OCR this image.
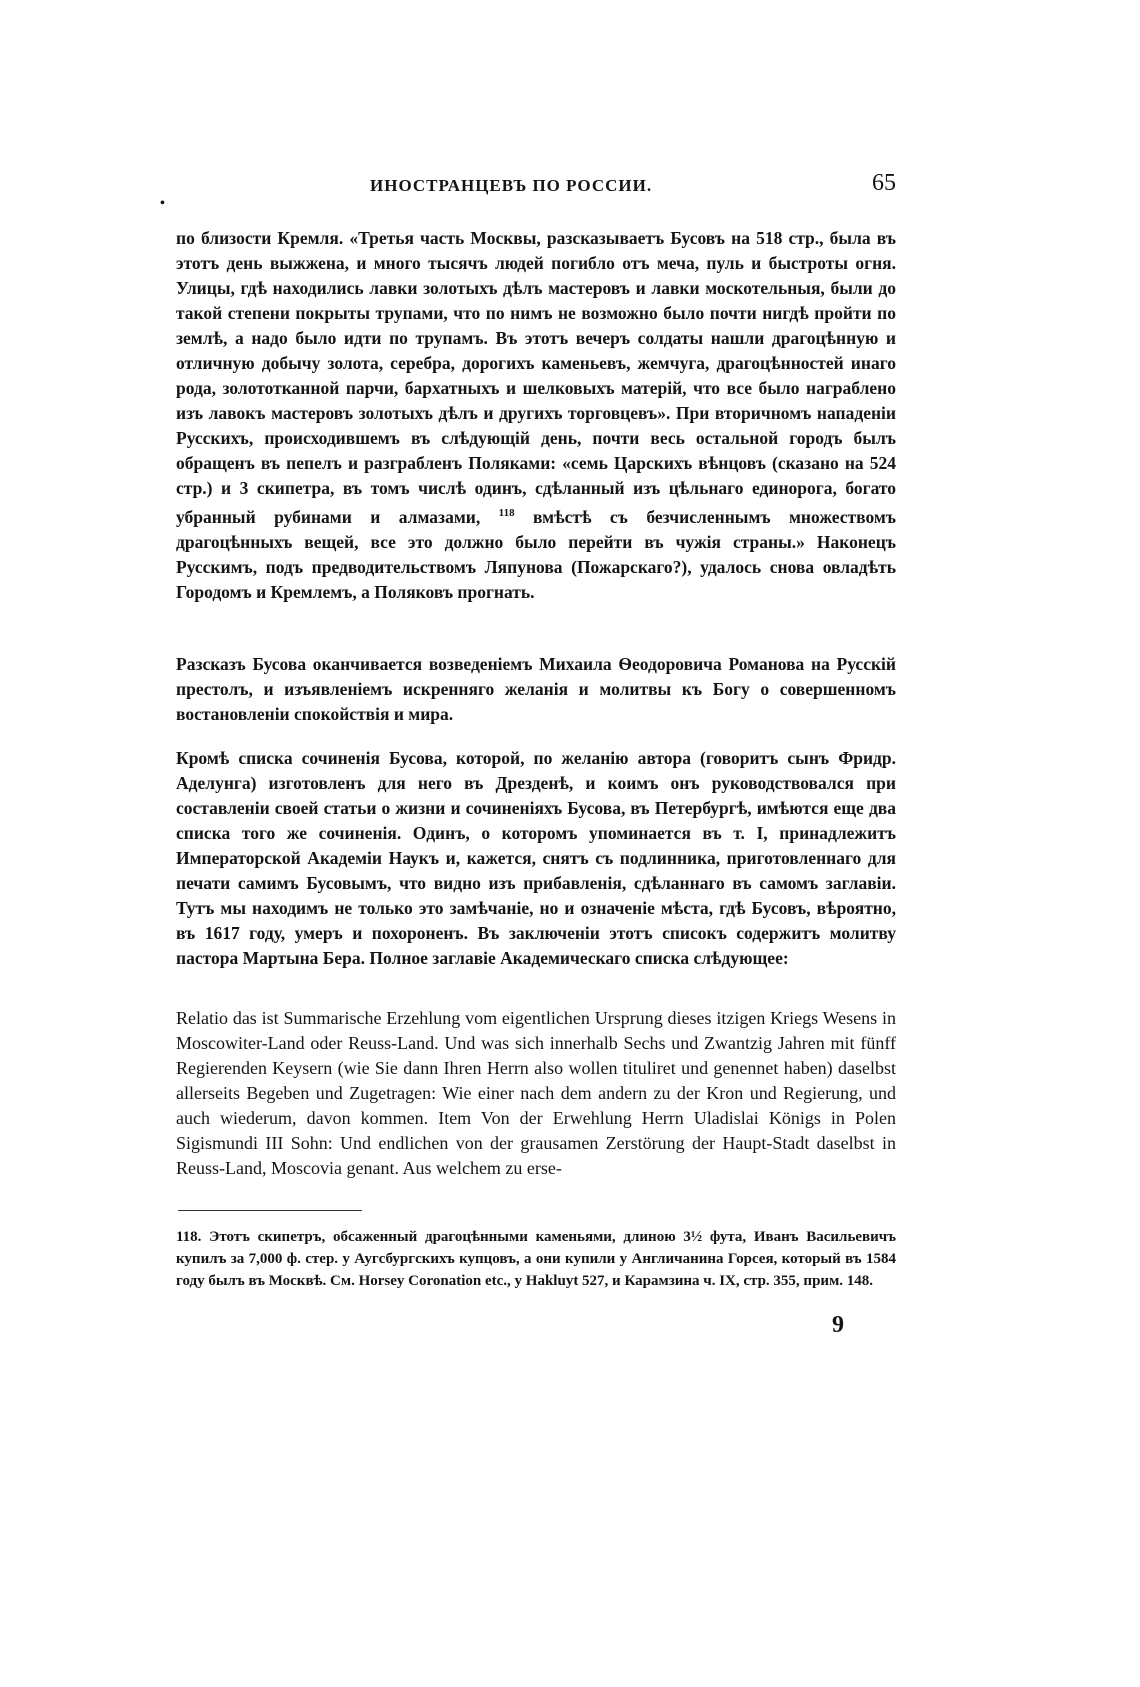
•
ИНОСТРАНЦЕВЪ ПО РОССИИ.	65

по близости Кремля. «Третья часть Москвы, разсказываетъ Бусовъ на 518 стр., была въ этотъ день выжжена, и много тысячъ людей погибло отъ меча, пуль и быстроты огня. Улицы, гдѣ находились лавки золотыхъ дѣлъ мастеровъ и лавки москотельныя, были до такой степени покрыты трупами, что по нимъ не возможно было почти нигдѣ пройти по землѣ, а надо было идти по трупамъ. Въ этотъ вечеръ солдаты нашли драгоцѣнную и отличную добычу золота, серебра, дорогихъ каменьевъ, жемчуга, драгоцѣнностей инаго рода, золототканной парчи, бархатныхъ и шелковыхъ матерій, что все было награблено изъ лавокъ мастеровъ золотыхъ дѣлъ и другихъ торговцевъ». При вторичномъ нападеніи Русскихъ, происходившемъ въ слѣдующій день, почти весь остальной городъ былъ обращенъ въ пепелъ и разграбленъ Поляками: «семь Царскихъ вѣнцовъ (сказано на 524 стр.) и 3 скипетра, въ томъ числѣ одинъ, сдѣланный изъ цѣльнаго единорога, богато убранный рубинами и алмазами, $^{118}$ вмѣстѣ съ безчисленнымъ множествомъ драгоцѣнныхъ вещей, все это должно было перейти въ чужія страны.» Наконецъ Русскимъ, подъ предводительствомъ Ляпунова (Пожарскаго?), удалось снова овладѣть Городомъ и Кремлемъ, а Поляковъ прогнать.

Разсказъ Бусова оканчивается возведеніемъ Михаила Ѳеодоровича Романова на Русскій престолъ, и изъявленіемъ искренняго желанія и молитвы къ Богу о совершенномъ востановленіи спокойствія и мира.

Кромѣ списка сочиненія Бусова, которой, по желанію автора (говоритъ сынъ Фридр. Аделунга) изготовленъ для него въ Дрезденѣ, и коимъ онъ руководствовался при составленіи своей статьи о жизни и сочиненіяхъ Бусова, въ Петербургѣ, имѣются еще два списка того же сочиненія. Одинъ, о которомъ упоминается въ т. I, принадлежитъ Императорской Академіи Наукъ и, кажется, снятъ съ подлинника, приготовленнаго для печати самимъ Бусовымъ, что видно изъ прибавленія, сдѣланнаго въ самомъ заглавіи. Тутъ мы находимъ не только это замѣчаніе, но и означеніе мѣста, гдѣ Бусовъ, вѣроятно, въ 1617 году, умеръ и похороненъ. Въ заключеніи этотъ списокъ содержитъ молитву пастора Мартына Бера. Полное заглавіе Академическаго списка слѣдующее:

Relatio das ist Summarische Erzehlung vom eigentlichen Ursprung dieses itzigen Kriegs Wesens in Moscowiter-Land oder Reuss-Land. Und was sich innerhalb Sechs und Zwantzig Jahren mit fünff Regierenden Keysern (wie Sie dann Ihren Herrn also wollen tituliret und genennet haben) daselbst allerseits Begeben und Zugetragen: Wie einer nach dem andern zu der Kron und Regierung, und auch wiederum, davon kommen. Item Von der Erwehlung Herrn Uladislai Königs in Polen Sigismundi III Sohn: Und endlichen von der grausamen Zerstörung der Haupt-Stadt daselbst in Reuss-Land, Moscovia genant. Aus welchem zu erse-

118. Этотъ скипетръ, обсаженный драгоцѣнными каменьями, длиною 3½ фута, Иванъ Васильевичъ купилъ за 7,000 ф. стер. у Аугсбургскихъ купцовъ, а они купили у Англичанина Горсея, который въ 1584 году былъ въ Москвѣ. См. Horsey Coronation etc., у Hakluyt 527, и Карамзина ч. IX, стр. 355, прим. 148.

9
